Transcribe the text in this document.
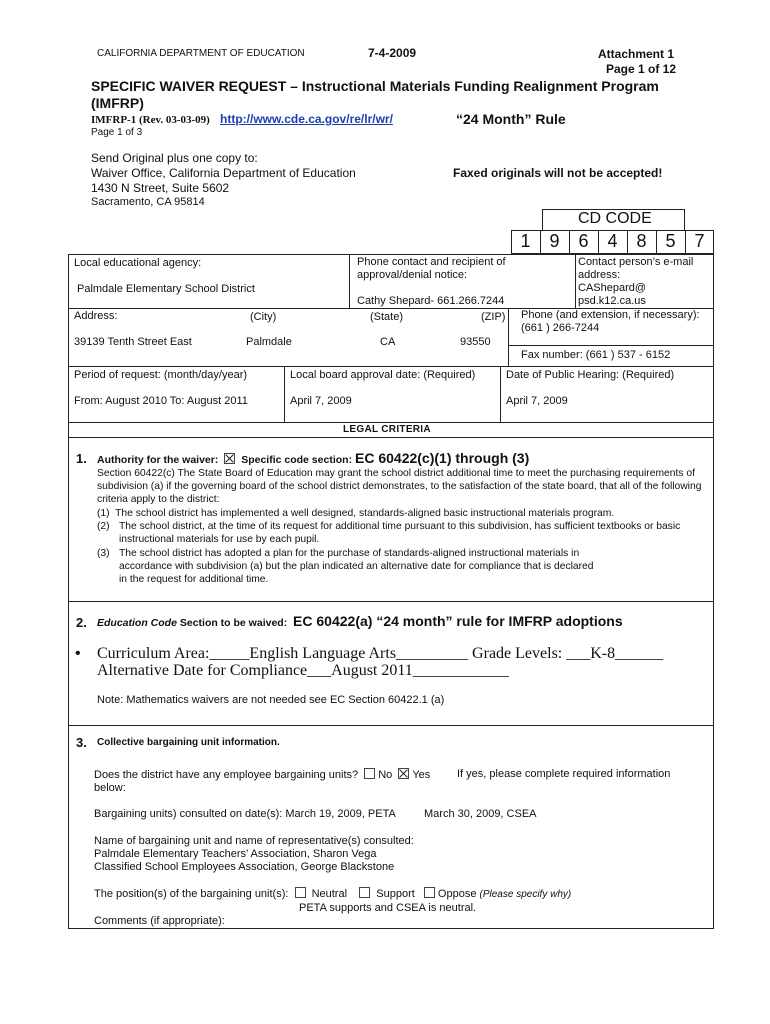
CALIFORNIA DEPARTMENT OF EDUCATION	7-4-2009	Attachment 1
Page 1 of 12
SPECIFIC WAIVER REQUEST – Instructional Materials Funding Realignment Program
(IMFRP)
IMFRP-1 (Rev. 03-03-09) http://www.cde.ca.gov/re/lr/wr/	“24 Month” Rule
Page 1 of 3
Send Original plus one copy to:
Waiver Office, California Department of Education
1430 N Street, Suite 5602
Sacramento, CA 95814
Faxed originals will not be accepted!
CD CODE
1	9	6	4	8	5	7
Local educational agency:
Palmdale Elementary School District
Phone contact and recipient of
approval/denial notice:
Cathy Shepard- 661.266.7244
Contact person’s e-mail
address:
CAShepard@
psd.k12.ca.us
Address:	(City)	(State)	(ZIP)
39139 Tenth Street East	Palmdale	CA	93550
Phone (and extension, if necessary):
(661 ) 266-7244
Fax number: (661 ) 537 - 6152
Period of request: (month/day/year)
From: August 2010 To: August 2011
Local board approval date: (Required)
April 7, 2009
Date of Public Hearing: (Required)
April 7, 2009
LEGAL CRITERIA
1. Authority for the waiver: Specific code section: EC 60422(c)(1) through (3)
Section 60422(c) The State Board of Education may grant the school district additional time to meet the purchasing requirements of subdivision (a) if the governing board of the school district demonstrates, to the satisfaction of the state board, that all of the following criteria apply to the district:
(1) The school district has implemented a well designed, standards-aligned basic instructional materials program.
(2) The school district, at the time of its request for additional time pursuant to this subdivision, has sufficient textbooks or basic instructional materials for use by each pupil.
(3) The school district has adopted a plan for the purchase of standards-aligned instructional materials in accordance with subdivision (a) but the plan indicated an alternative date for compliance that is declared in the request for additional time.
2. Education Code Section to be waived: EC 60422(a) “24 month” rule for IMFRP adoptions
• Curriculum Area:_____English Language Arts_________ Grade Levels: ___K-8______
Alternative Date for Compliance___August 2011____________
Note: Mathematics waivers are not needed see EC Section 60422.1 (a)
3. Collective bargaining unit information.
Does the district have any employee bargaining units? No Yes If yes, please complete required information
below:
Bargaining units) consulted on date(s): March 19, 2009, PETA	March 30, 2009, CSEA
Name of bargaining unit and name of representative(s) consulted:
Palmdale Elementary Teachers’ Association, Sharon Vega
Classified School Employees Association, George Blackstone
The position(s) of the bargaining unit(s): Neutral	Support Oppose (Please specify why)
PETA supports and CSEA is neutral.
Comments (if appropriate):
